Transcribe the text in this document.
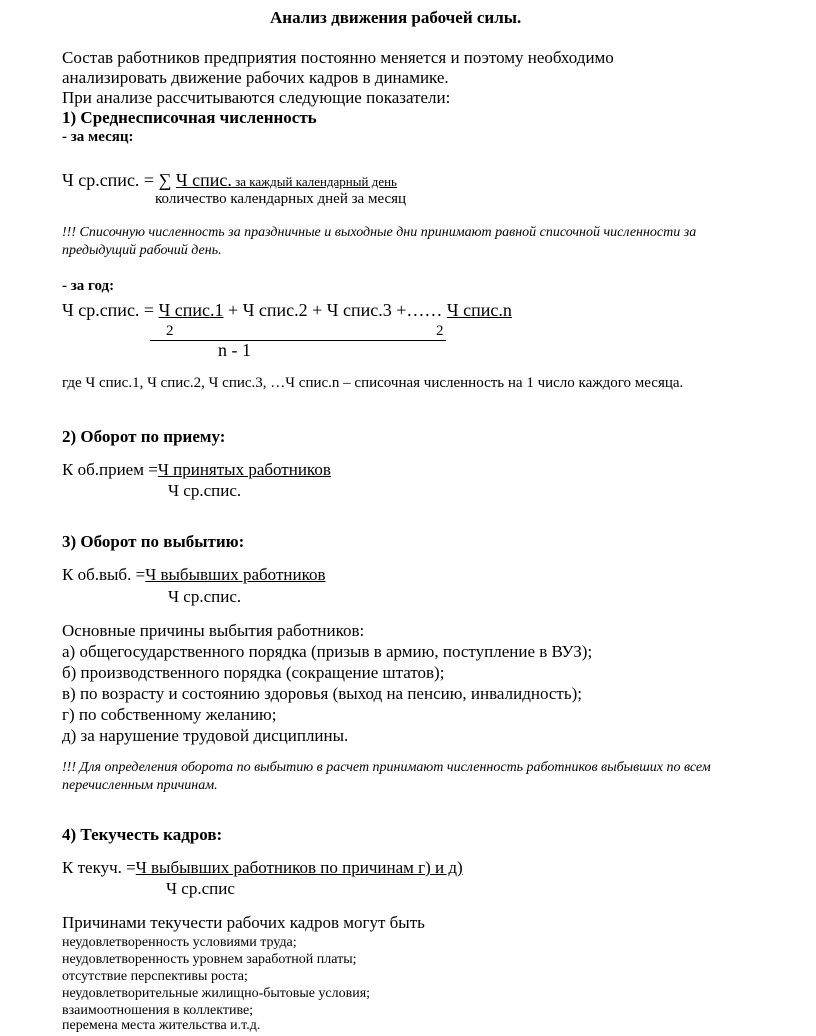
Анализ движения рабочей силы.
Состав работников предприятия постоянно меняется и поэтому необходимо
анализировать движение рабочих кадров в динамике.
При анализе рассчитываются следующие показатели:
1) Среднесписочная численность
- за месяц:
Ч ср.спис. = ∑ Ч спис. за каждый календарный день
количество календарных дней за месяц
!!! Списочную численность за праздничные и выходные дни принимают равной списочной численности за
предыдущий рабочий день.
- за год:
Ч ср.спис. = Ч спис.1 + Ч спис.2 + Ч спис.3 +…… Ч спис.n
2	2
n - 1
где Ч спис.1, Ч спис.2, Ч спис.3, …Ч спис.n – списочная численность на 1 число каждого месяца.
2) Оборот по приему:
К об.прием =Ч принятых работников
Ч ср.спис.
3) Оборот по выбытию:
К об.выб. =Ч выбывших работников
Ч ср.спис.
Основные причины выбытия работников:
а) общегосударственного порядка (призыв в армию, поступление в ВУЗ);
б) производственного порядка (сокращение штатов);
в) по возрасту и состоянию здоровья (выход на пенсию, инвалидность);
г) по собственному желанию;
д) за нарушение трудовой дисциплины.
!!! Для определения оборота по выбытию в расчет принимают численность работников выбывших по всем
перечисленным причинам.
4) Текучесть кадров:
К текуч. =Ч выбывших работников по причинам г) и д)
Ч ср.спис
Причинами текучести рабочих кадров могут быть
неудовлетворенность условиями труда;
неудовлетворенность уровнем заработной платы;
отсутствие перспективы роста;
неудовлетворительные жилищно-бытовые условия;
взаимоотношения в коллективе;
перемена места жительства и.т.д.
